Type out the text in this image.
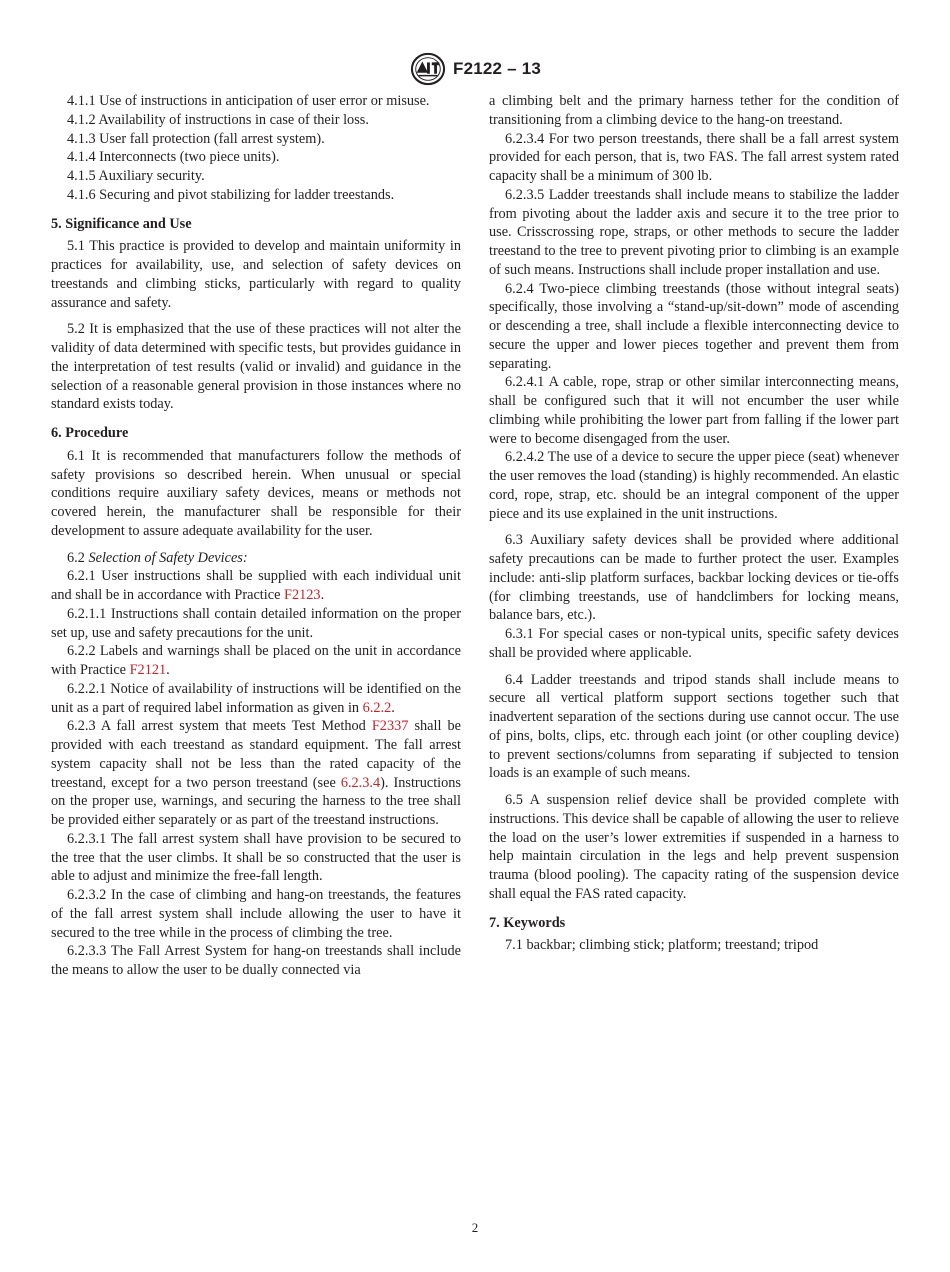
F2122 – 13

4.1.1 Use of instructions in anticipation of user error or misuse.

4.1.2 Availability of instructions in case of their loss.

4.1.3 User fall protection (fall arrest system).

4.1.4 Interconnects (two piece units).

4.1.5 Auxiliary security.

4.1.6 Securing and pivot stabilizing for ladder treestands.

5. Significance and Use

5.1 This practice is provided to develop and maintain uniformity in practices for availability, use, and selection of safety devices on treestands and climbing sticks, particularly with regard to quality assurance and safety.

5.2 It is emphasized that the use of these practices will not alter the validity of data determined with specific tests, but provides guidance in the interpretation of test results (valid or invalid) and guidance in the selection of a reasonable general provision in those instances where no standard exists today.

6. Procedure

6.1 It is recommended that manufacturers follow the methods of safety provisions so described herein. When unusual or special conditions require auxiliary safety devices, means or methods not covered herein, the manufacturer shall be responsible for their development to assure adequate availability for the user.

6.2 Selection of Safety Devices:

6.2.1 User instructions shall be supplied with each individual unit and shall be in accordance with Practice F2123.

6.2.1.1 Instructions shall contain detailed information on the proper set up, use and safety precautions for the unit.

6.2.2 Labels and warnings shall be placed on the unit in accordance with Practice F2121.

6.2.2.1 Notice of availability of instructions will be identified on the unit as a part of required label information as given in 6.2.2.

6.2.3 A fall arrest system that meets Test Method F2337 shall be provided with each treestand as standard equipment. The fall arrest system capacity shall not be less than the rated capacity of the treestand, except for a two person treestand (see 6.2.3.4). Instructions on the proper use, warnings, and securing the harness to the tree shall be provided either separately or as part of the treestand instructions.

6.2.3.1 The fall arrest system shall have provision to be secured to the tree that the user climbs. It shall be so constructed that the user is able to adjust and minimize the free-fall length.

6.2.3.2 In the case of climbing and hang-on treestands, the features of the fall arrest system shall include allowing the user to have it secured to the tree while in the process of climbing the tree.

6.2.3.3 The Fall Arrest System for hang-on treestands shall include the means to allow the user to be dually connected via

a climbing belt and the primary harness tether for the condition of transitioning from a climbing device to the hang-on treestand.

6.2.3.4 For two person treestands, there shall be a fall arrest system provided for each person, that is, two FAS. The fall arrest system rated capacity shall be a minimum of 300 lb.

6.2.3.5 Ladder treestands shall include means to stabilize the ladder from pivoting about the ladder axis and secure it to the tree prior to use. Crisscrossing rope, straps, or other methods to secure the ladder treestand to the tree to prevent pivoting prior to climbing is an example of such means. Instructions shall include proper installation and use.

6.2.4 Two-piece climbing treestands (those without integral seats) specifically, those involving a “stand-up/sit-down” mode of ascending or descending a tree, shall include a flexible interconnecting device to secure the upper and lower pieces together and prevent them from separating.

6.2.4.1 A cable, rope, strap or other similar interconnecting means, shall be configured such that it will not encumber the user while climbing while prohibiting the lower part from falling if the lower part were to become disengaged from the user.

6.2.4.2 The use of a device to secure the upper piece (seat) whenever the user removes the load (standing) is highly recommended. An elastic cord, rope, strap, etc. should be an integral component of the upper piece and its use explained in the unit instructions.

6.3 Auxiliary safety devices shall be provided where additional safety precautions can be made to further protect the user. Examples include: anti-slip platform surfaces, backbar locking devices or tie-offs (for climbing treestands, use of handclimbers for locking means, balance bars, etc.).

6.3.1 For special cases or non-typical units, specific safety devices shall be provided where applicable.

6.4 Ladder treestands and tripod stands shall include means to secure all vertical platform support sections together such that inadvertent separation of the sections during use cannot occur. The use of pins, bolts, clips, etc. through each joint (or other coupling device) to prevent sections/columns from separating if subjected to tension loads is an example of such means.

6.5 A suspension relief device shall be provided complete with instructions. This device shall be capable of allowing the user to relieve the load on the user’s lower extremities if suspended in a harness to help maintain circulation in the legs and help prevent suspension trauma (blood pooling). The capacity rating of the suspension device shall equal the FAS rated capacity.

7. Keywords

7.1 backbar; climbing stick; platform; treestand; tripod

2
